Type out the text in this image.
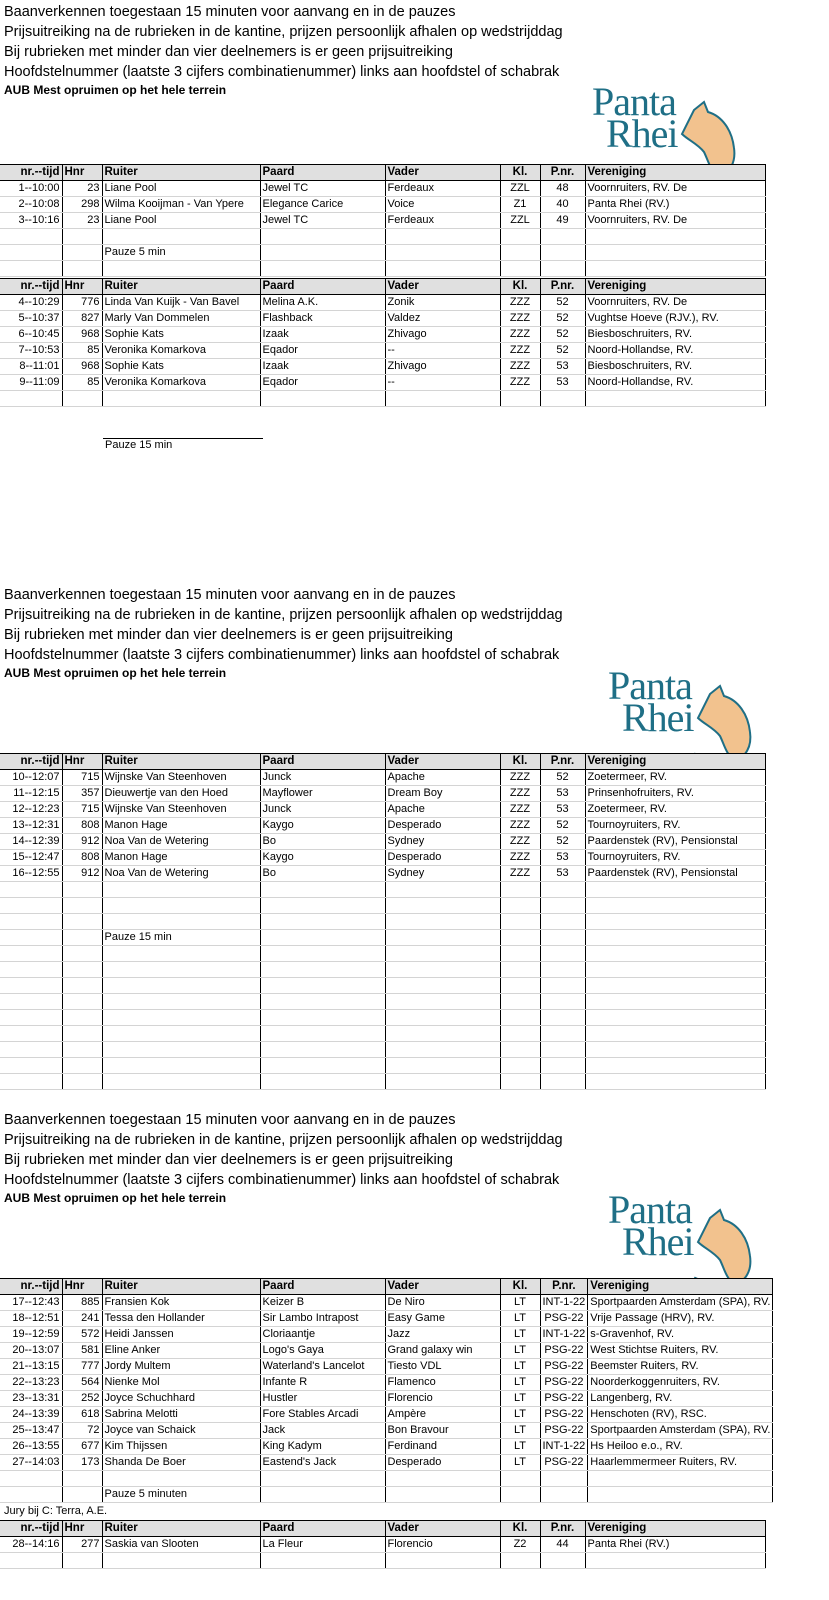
Baanverkennen toegestaan 15 minuten voor aanvang en in de pauzes
Prijsuitreiking na de rubrieken in de kantine, prijzen persoonlijk afhalen op wedstrijddag
Bij rubrieken met minder dan vier deelnemers is er geen prijsuitreiking
Hoofdstelnummer (laatste 3 cijfers combinatienummer) links aan hoofdstel of schabrak
AUB Mest opruimen op het hele terrein	Panta
Rhei
nr.--tijd	Hnr	Ruiter	Paard	Vader	Kl.	P.nr.	Vereniging
1--10:00	23	Liane Pool	Jewel TC	Ferdeaux	ZZL	48	Voornruiters, RV. De
2--10:08	298	Wilma Kooijman - Van Ypere	Elegance Carice	Voice	Z1	40	Panta Rhei (RV.)
3--10:16	23	Liane Pool	Jewel TC	Ferdeaux	ZZL	49	Voornruiters, RV. De

		Pauze 5 min					

nr.--tijd	Hnr	Ruiter	Paard	Vader	Kl.	P.nr.	Vereniging
4--10:29	776	Linda Van Kuijk - Van Bavel	Melina A.K.	Zonik	ZZZ	52	Voornruiters, RV. De
5--10:37	827	Marly Van Dommelen	Flashback	Valdez	ZZZ	52	Vughtse Hoeve (RJV.), RV.
6--10:45	968	Sophie Kats	Izaak	Zhivago	ZZZ	52	Biesboschruiters, RV.
7--10:53	85	Veronika Komarkova	Eqador	--	ZZZ	52	Noord-Hollandse, RV.
8--11:01	968	Sophie Kats	Izaak	Zhivago	ZZZ	53	Biesboschruiters, RV.
9--11:09	85	Veronika Komarkova	Eqador	--	ZZZ	53	Noord-Hollandse, RV.

Pauze 15 min
Baanverkennen toegestaan 15 minuten voor aanvang en in de pauzes
Prijsuitreiking na de rubrieken in de kantine, prijzen persoonlijk afhalen op wedstrijddag
Bij rubrieken met minder dan vier deelnemers is er geen prijsuitreiking
Hoofdstelnummer (laatste 3 cijfers combinatienummer) links aan hoofdstel of schabrak
AUB Mest opruimen op het hele terrein	Panta
Rhei
nr.--tijd	Hnr	Ruiter	Paard	Vader	Kl.	P.nr.	Vereniging
10--12:07	715	Wijnske Van Steenhoven	Junck	Apache	ZZZ	52	Zoetermeer, RV.
11--12:15	357	Dieuwertje van den Hoed	Mayflower	Dream Boy	ZZZ	53	Prinsenhofruiters, RV.
12--12:23	715	Wijnske Van Steenhoven	Junck	Apache	ZZZ	53	Zoetermeer, RV.
13--12:31	808	Manon Hage	Kaygo	Desperado	ZZZ	52	Tournoyruiters, RV.
14--12:39	912	Noa Van de Wetering	Bo	Sydney	ZZZ	52	Paardenstek (RV), Pensionstal
15--12:47	808	Manon Hage	Kaygo	Desperado	ZZZ	53	Tournoyruiters, RV.
16--12:55	912	Noa Van de Wetering	Bo	Sydney	ZZZ	53	Paardenstek (RV), Pensionstal

		Pauze 15 min					

Baanverkennen toegestaan 15 minuten voor aanvang en in de pauzes
Prijsuitreiking na de rubrieken in de kantine, prijzen persoonlijk afhalen op wedstrijddag
Bij rubrieken met minder dan vier deelnemers is er geen prijsuitreiking
Hoofdstelnummer (laatste 3 cijfers combinatienummer) links aan hoofdstel of schabrak
AUB Mest opruimen op het hele terrein	Panta
Rhei
nr.--tijd	Hnr	Ruiter	Paard	Vader	Kl.	P.nr.	Vereniging
17--12:43	885	Fransien Kok	Keizer B	De Niro	LT	INT-1-22	Sportpaarden Amsterdam (SPA), RV.
18--12:51	241	Tessa den Hollander	Sir Lambo Intrapost	Easy Game	LT	PSG-22	Vrije Passage (HRV), RV.
19--12:59	572	Heidi Janssen	Cloriaantje	Jazz	LT	INT-1-22	s-Gravenhof, RV.
20--13:07	581	Eline Anker	Logo's Gaya	Grand galaxy win	LT	PSG-22	West Stichtse Ruiters, RV.
21--13:15	777	Jordy Multem	Waterland's Lancelot	Tiesto VDL	LT	PSG-22	Beemster Ruiters, RV.
22--13:23	564	Nienke Mol	Infante R	Flamenco	LT	PSG-22	Noorderkoggenruiters, RV.
23--13:31	252	Joyce Schuchhard	Hustler	Florencio	LT	PSG-22	Langenberg, RV.
24--13:39	618	Sabrina Melotti	Fore Stables Arcadi	Ampère	LT	PSG-22	Henschoten (RV), RSC.
25--13:47	72	Joyce van Schaick	Jack	Bon Bravour	LT	PSG-22	Sportpaarden Amsterdam (SPA), RV.
26--13:55	677	Kim Thijssen	King Kadym	Ferdinand	LT	INT-1-22	Hs Heiloo e.o., RV.
27--14:03	173	Shanda De Boer	Eastend's Jack	Desperado	LT	PSG-22	Haarlemmermeer Ruiters, RV.

		Pauze 5 minuten					
Jury bij C: Terra, A.E.
nr.--tijd	Hnr	Ruiter	Paard	Vader	Kl.	P.nr.	Vereniging
28--14:16	277	Saskia van Slooten	La Fleur	Florencio	Z2	44	Panta Rhei (RV.)
